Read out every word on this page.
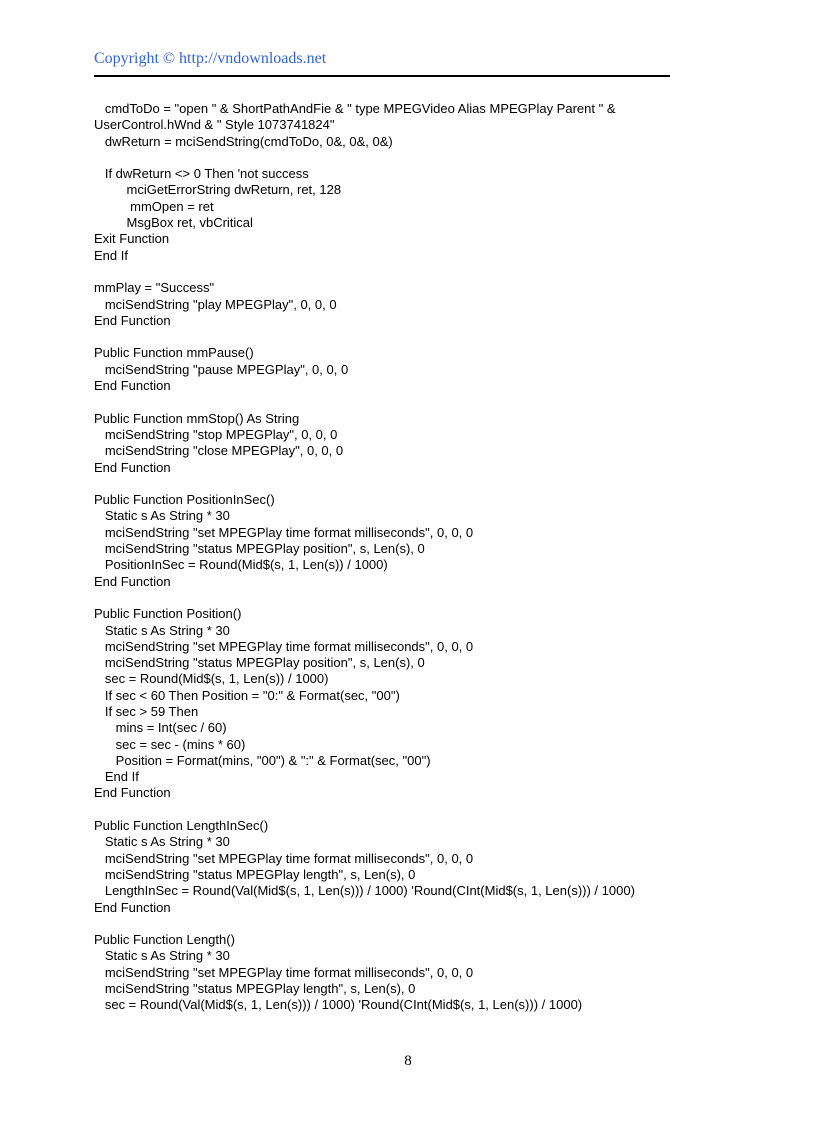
Copyright © http://vndownloads.net
cmdToDo = "open " & ShortPathAndFie & " type MPEGVideo Alias MPEGPlay Parent " &
UserControl.hWnd & " Style 1073741824"
dwReturn = mciSendString(cmdToDo, 0&, 0&, 0&)
If dwReturn <> 0 Then 'not success
mciGetErrorString dwReturn, ret, 128
mmOpen = ret
MsgBox ret, vbCritical
Exit Function
End If
mmPlay = "Success"
mciSendString "play MPEGPlay", 0, 0, 0
End Function
Public Function mmPause()
mciSendString "pause MPEGPlay", 0, 0, 0
End Function
Public Function mmStop() As String
mciSendString "stop MPEGPlay", 0, 0, 0
mciSendString "close MPEGPlay", 0, 0, 0
End Function
Public Function PositionInSec()
Static s As String * 30
mciSendString "set MPEGPlay time format milliseconds", 0, 0, 0
mciSendString "status MPEGPlay position", s, Len(s), 0
PositionInSec = Round(Mid$(s, 1, Len(s)) / 1000)
End Function
Public Function Position()
Static s As String * 30
mciSendString "set MPEGPlay time format milliseconds", 0, 0, 0
mciSendString "status MPEGPlay position", s, Len(s), 0
sec = Round(Mid$(s, 1, Len(s)) / 1000)
If sec < 60 Then Position = "0:" & Format(sec, "00")
If sec > 59 Then
mins = Int(sec / 60)
sec = sec - (mins * 60)
Position = Format(mins, "00") & ":" & Format(sec, "00")
End If
End Function
Public Function LengthInSec()
Static s As String * 30
mciSendString "set MPEGPlay time format milliseconds", 0, 0, 0
mciSendString "status MPEGPlay length", s, Len(s), 0
LengthInSec = Round(Val(Mid$(s, 1, Len(s))) / 1000) 'Round(CInt(Mid$(s, 1, Len(s))) / 1000)
End Function
Public Function Length()
Static s As String * 30
mciSendString "set MPEGPlay time format milliseconds", 0, 0, 0
mciSendString "status MPEGPlay length", s, Len(s), 0
sec = Round(Val(Mid$(s, 1, Len(s))) / 1000) 'Round(CInt(Mid$(s, 1, Len(s))) / 1000)
8
